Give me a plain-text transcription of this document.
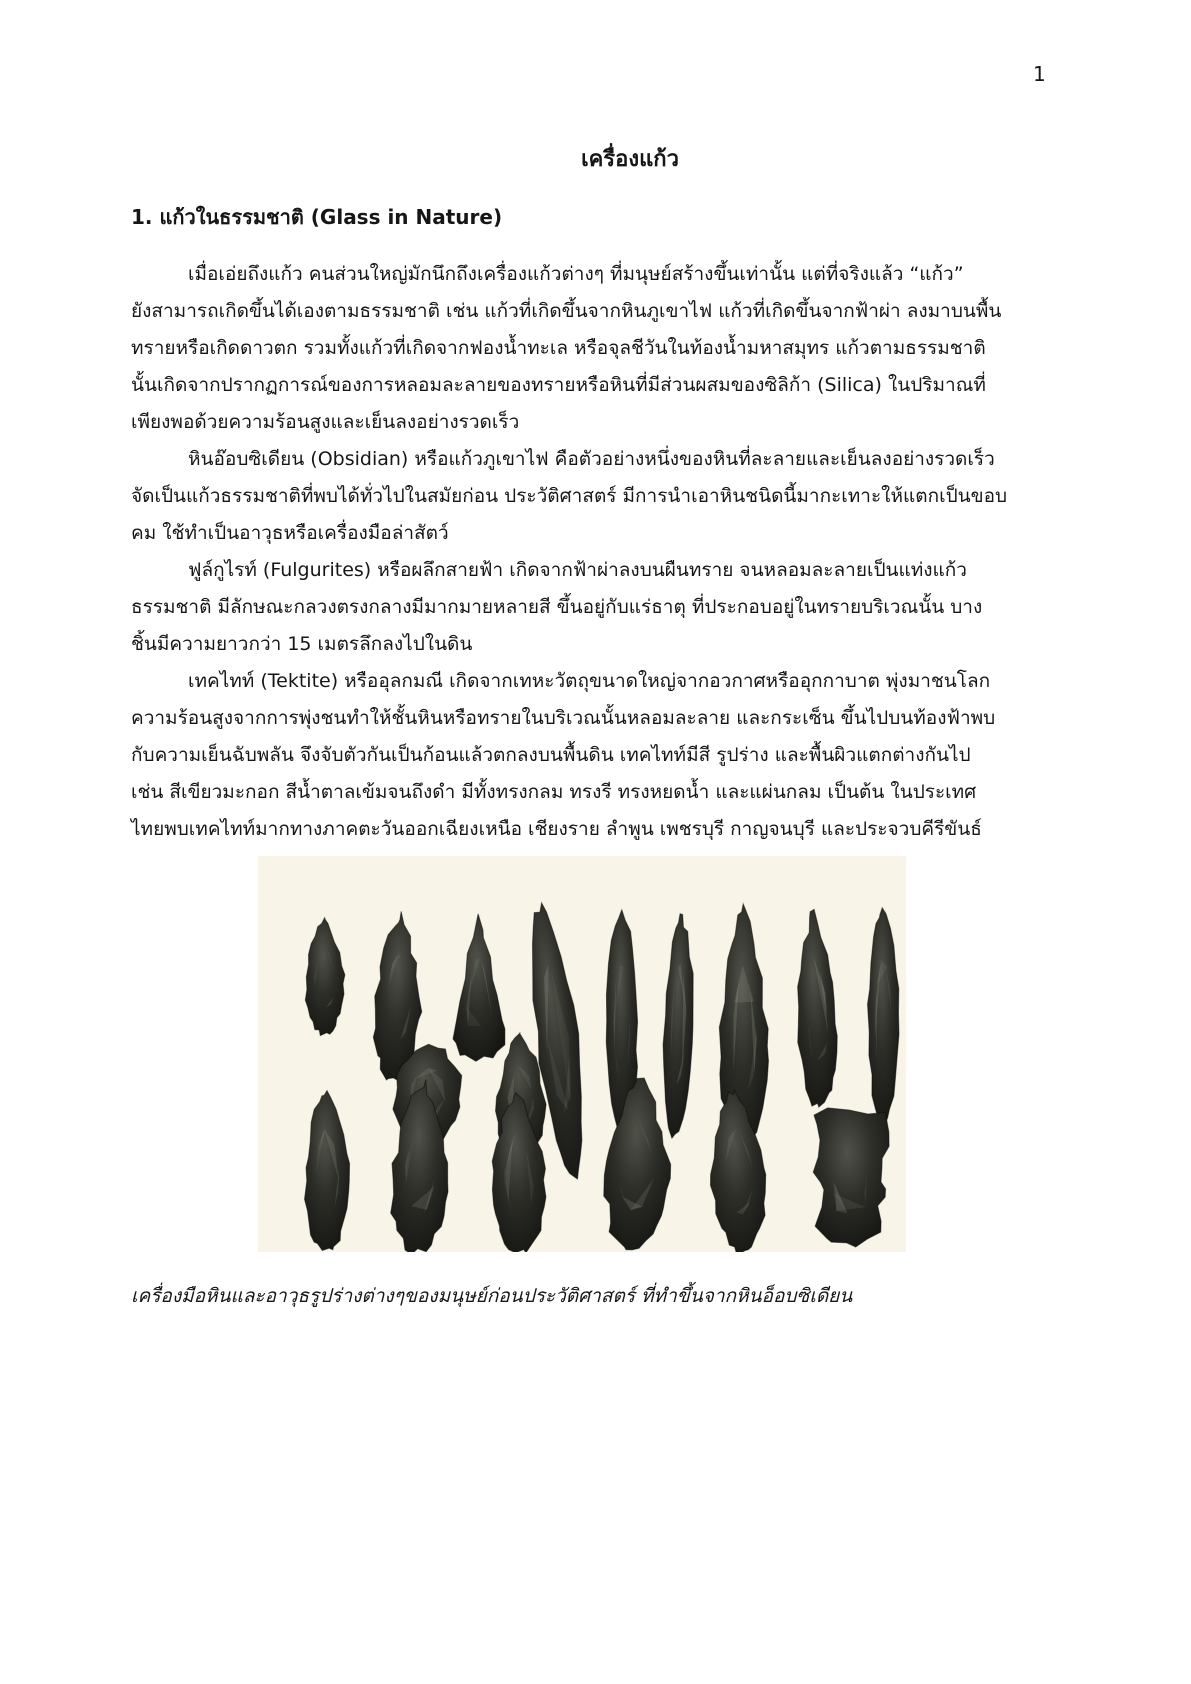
1
เครื่องแก้ว
1. แก้วในธรรมชาติ (Glass in Nature)
เมื่อเอ่ยถึงแก้ว คนส่วนใหญ่มักนึกถึงเครื่องแก้วต่างๆ ที่มนุษย์สร้างขึ้นเท่านั้น แต่ที่จริงแล้ว “แก้ว”
ยังสามารถเกิดขึ้นได้เองตามธรรมชาติ เช่น แก้วที่เกิดขึ้นจากหินภูเขาไฟ แก้วที่เกิดขึ้นจากฟ้าผ่า ลงมาบนพื้น
ทรายหรือเกิดดาวตก รวมทั้งแก้วที่เกิดจากฟองน้ำทะเล หรือจุลชีวันในท้องน้ำมหาสมุทร แก้วตามธรรมชาติ
นั้นเกิดจากปรากฏการณ์ของการหลอมละลายของทรายหรือหินที่มีส่วนผสมของซิลิก้า (Silica) ในปริมาณที่
เพียงพอด้วยความร้อนสูงและเย็นลงอย่างรวดเร็ว
หินอ๊อบซิเดียน (Obsidian) หรือแก้วภูเขาไฟ คือตัวอย่างหนึ่งของหินที่ละลายและเย็นลงอย่างรวดเร็ว
จัดเป็นแก้วธรรมชาติที่พบได้ทั่วไปในสมัยก่อน ประวัติศาสตร์ มีการนำเอาหินชนิดนี้มากะเทาะให้แตกเป็นขอบ
คม ใช้ทำเป็นอาวุธหรือเครื่องมือล่าสัตว์
ฟูล์กูไรท์ (Fulgurites) หรือผลึกสายฟ้า เกิดจากฟ้าผ่าลงบนผืนทราย จนหลอมละลายเป็นแท่งแก้ว
ธรรมชาติ มีลักษณะกลวงตรงกลางมีมากมายหลายสี ขึ้นอยู่กับแร่ธาตุ ที่ประกอบอยู่ในทรายบริเวณนั้น บาง
ชิ้นมีความยาวกว่า 15 เมตรลึกลงไปในดิน
เทคไทท์ (Tektite) หรืออุลกมณี เกิดจากเทหะวัตถุขนาดใหญ่จากอวกาศหรืออุกกาบาต พุ่งมาชนโลก
ความร้อนสูงจากการพุ่งชนทำให้ชั้นหินหรือทรายในบริเวณนั้นหลอมละลาย และกระเซ็น ขึ้นไปบนท้องฟ้าพบ
กับความเย็นฉับพลัน จึงจับตัวกันเป็นก้อนแล้วตกลงบนพื้นดิน เทคไทท์มีสี รูปร่าง และพื้นผิวแตกต่างกันไป
เช่น สีเขียวมะกอก สีน้ำตาลเข้มจนถึงดำ มีทั้งทรงกลม ทรงรี ทรงหยดน้ำ และแผ่นกลม เป็นต้น ในประเทศ
ไทยพบเทคไทท์มากทางภาคตะวันออกเฉียงเหนือ เชียงราย ลำพูน เพชรบุรี กาญจนบุรี และประจวบคีรีขันธ์
เครื่องมือหินและอาวุธรูปร่างต่างๆของมนุษย์ก่อนประวัติศาสตร์ ที่ทำขึ้นจากหินอ็อบซิเดียน
